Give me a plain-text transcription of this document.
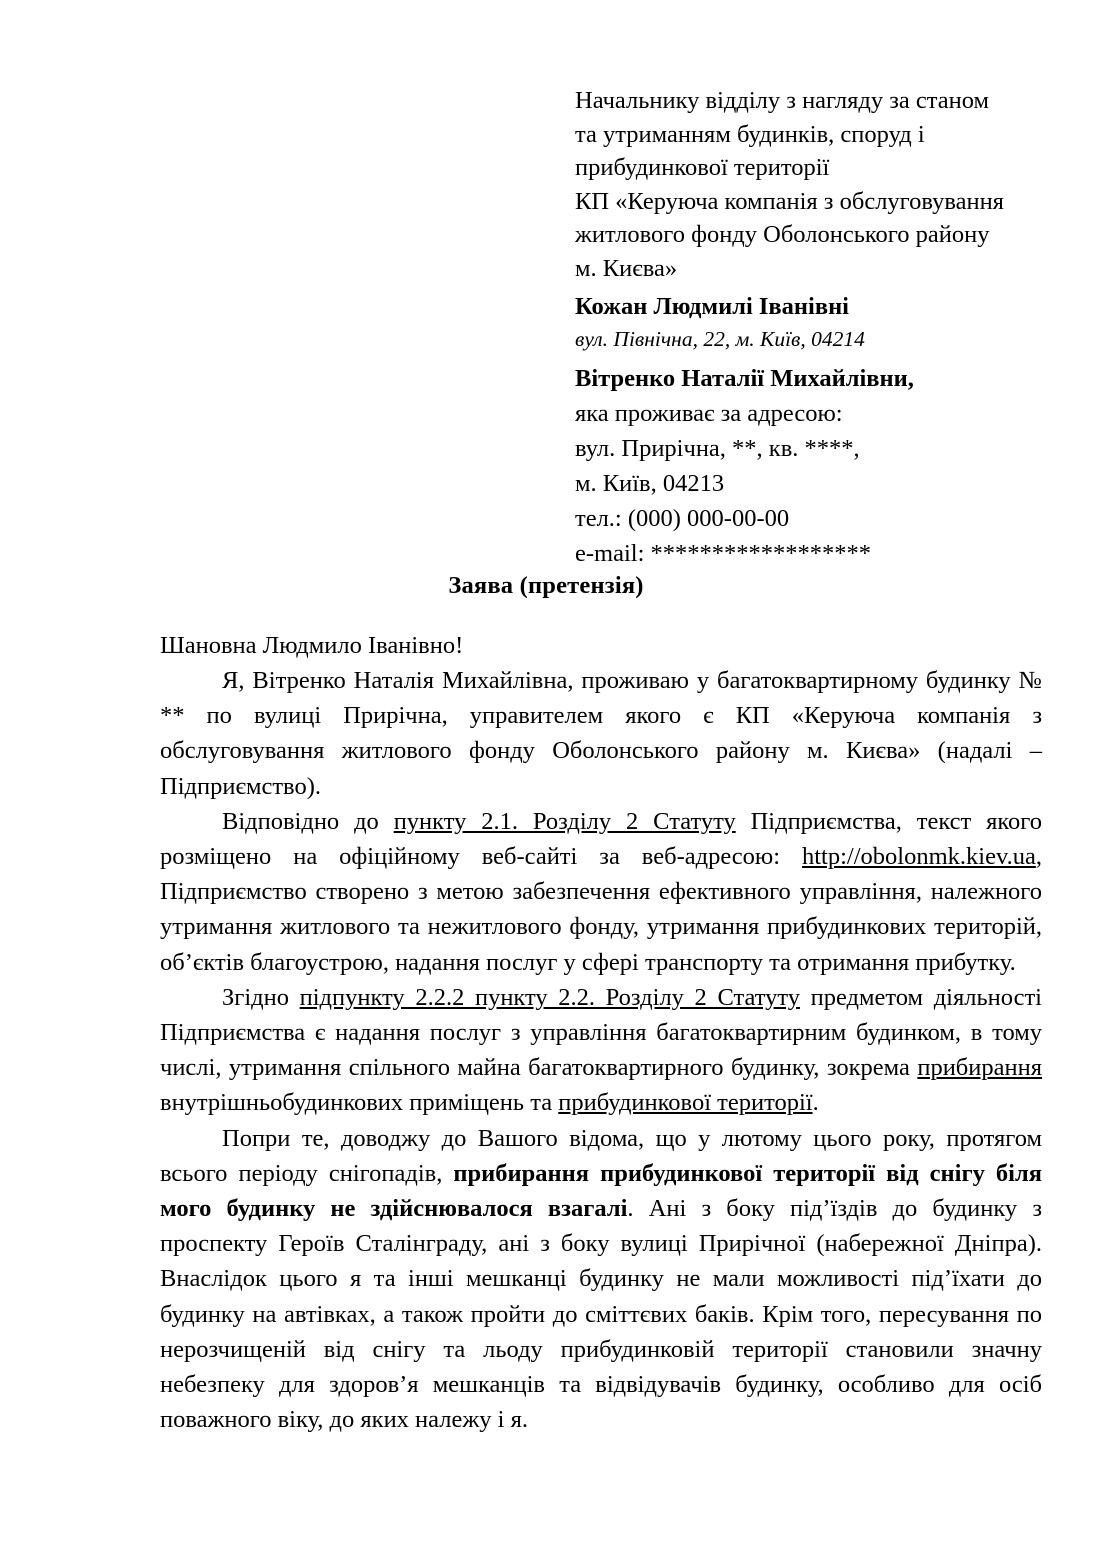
Начальнику відділу з нагляду за станом
та утриманням будинків, споруд і
прибудинкової території
КП «Керуюча компанія з обслуговування
житлового фонду Оболонського району
м. Києва»
Кожан Людмилі Іванівні
вул. Північна, 22, м. Київ, 04214
Вітренко Наталії Михайлівни,
яка проживає за адресою:
вул. Прирічна, **, кв. ****,
м. Київ, 04213
тел.: (000) 000-00-00
e-mail: ******************
Заява (претензія)
Шановна Людмило Іванівно!

Я, Вітренко Наталія Михайлівна, проживаю у багатоквартирному будинку № ** по вулиці Прирічна, управителем якого є КП «Керуюча компанія з обслуговування житлового фонду Оболонського району м. Києва» (надалі – Підприємство).

Відповідно до пункту 2.1. Розділу 2 Статуту Підприємства, текст якого розміщено на офіційному веб-сайті за веб-адресою: http://obolonmk.kiev.ua, Підприємство створено з метою забезпечення ефективного управління, належного утримання житлового та нежитлового фонду, утримання прибудинкових територій, об’єктів благоустрою, надання послуг у сфері транспорту та отримання прибутку.

Згідно підпункту 2.2.2 пункту 2.2. Розділу 2 Статуту предметом діяльності Підприємства є надання послуг з управління багатоквартирним будинком, в тому числі, утримання спільного майна багатоквартирного будинку, зокрема прибирання внутрішньобудинкових приміщень та прибудинкової території.

Попри те, доводжу до Вашого відома, що у лютому цього року, протягом всього періоду снігопадів, прибирання прибудинкової території від снігу біля мого будинку не здійснювалося взагалі. Ані з боку під’їздів до будинку з проспекту Героїв Сталінграду, ані з боку вулиці Прирічної (набережної Дніпра). Внаслідок цього я та інші мешканці будинку не мали можливості під’їхати до будинку на автівках, а також пройти до сміттєвих баків. Крім того, пересування по нерозчищеній від снігу та льоду прибудинковій території становили значну небезпеку для здоров’я мешканців та відвідувачів будинку, особливо для осіб поважного віку, до яких належу і я.
